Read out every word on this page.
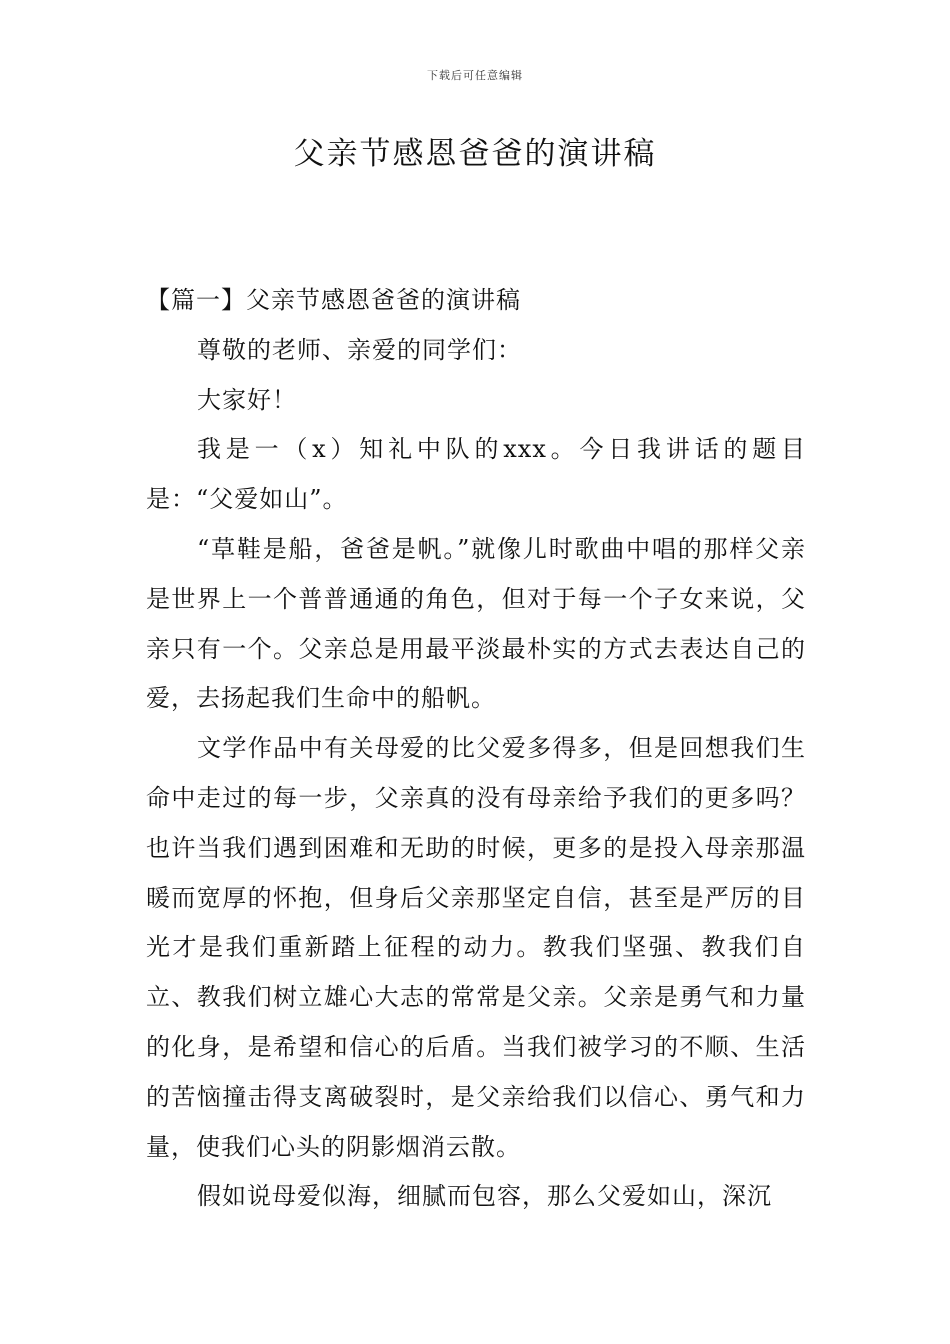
下载后可任意编辑
父亲节感恩爸爸的演讲稿

【篇一】父亲节感恩爸爸的演讲稿

尊敬的老师、亲爱的同学们：

大家好！

我是一（x）知礼中队的xxx。今日我讲话的题目是：“父爱如山”。

“草鞋是船，爸爸是帆。”就像儿时歌曲中唱的那样父亲是世界上一个普普通通的角色，但对于每一个子女来说，父亲只有一个。父亲总是用最平淡最朴实的方式去表达自己的爱，去扬起我们生命中的船帆。

文学作品中有关母爱的比父爱多得多，但是回想我们生命中走过的每一步，父亲真的没有母亲给予我们的更多吗？也许当我们遇到困难和无助的时候，更多的是投入母亲那温暖而宽厚的怀抱，但身后父亲那坚定自信，甚至是严厉的目光才是我们重新踏上征程的动力。教我们坚强、教我们自立、教我们树立雄心大志的常常是父亲。父亲是勇气和力量的化身，是希望和信心的后盾。当我们被学习的不顺、生活的苦恼撞击得支离破裂时，是父亲给我们以信心、勇气和力量，使我们心头的阴影烟消云散。

假如说母爱似海，细腻而包容，那么父爱如山，深沉
